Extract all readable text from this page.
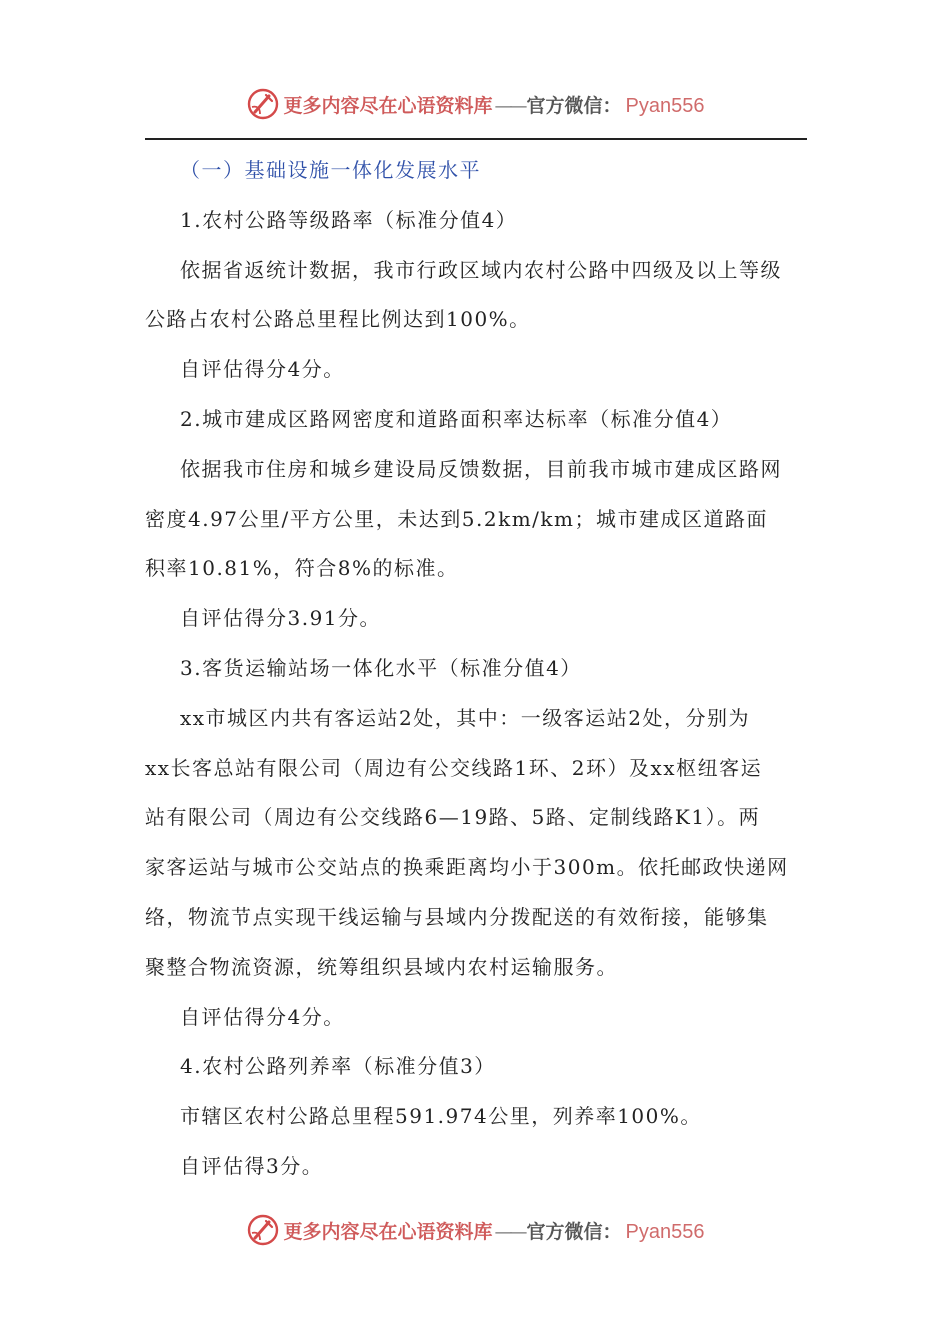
更多内容尽在心语资料库 —— 官方微信： Pyan556
（一）基础设施一体化发展水平
1.农村公路等级路率（标准分值4）
依据省返统计数据，我市行政区域内农村公路中四级及以上等级
公路占农村公路总里程比例达到100%。
自评估得分4分。
2.城市建成区路网密度和道路面积率达标率（标准分值4）
依据我市住房和城乡建设局反馈数据，目前我市城市建成区路网
密度4.97公里/平方公里，未达到5.2km/km；城市建成区道路面
积率10.81%，符合8%的标准。
自评估得分3.91分。
3.客货运输站场一体化水平（标准分值4）
xx市城区内共有客运站2处，其中：一级客运站2处，分别为
xx长客总站有限公司（周边有公交线路1环、2环）及xx枢纽客运
站有限公司（周边有公交线路6—19路、5路、定制线路K1）。两
家客运站与城市公交站点的换乘距离均小于300m。依托邮政快递网
络，物流节点实现干线运输与县域内分拨配送的有效衔接，能够集
聚整合物流资源，统筹组织县域内农村运输服务。
自评估得分4分。
4.农村公路列养率（标准分值3）
市辖区农村公路总里程591.974公里，列养率100%。
自评估得3分。
更多内容尽在心语资料库 —— 官方微信： Pyan556
